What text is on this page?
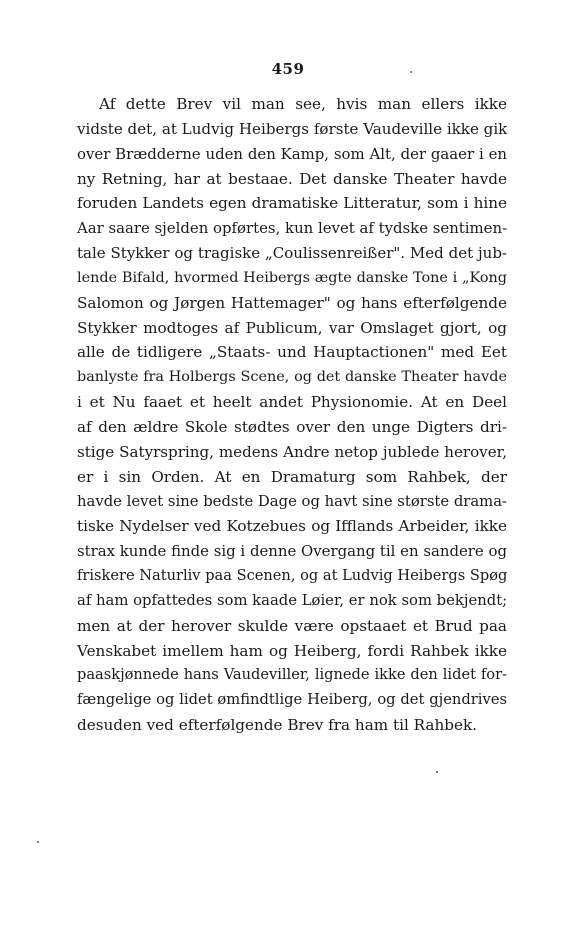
459
Af dette Brev vil man see, hvis man ellers ikke
vidste det, at Ludvig Heibergs første Vaudeville ikke gik
over Brædderne uden den Kamp, som Alt, der gaaer i en
ny Retning, har at bestaae. Det danske Theater havde
foruden Landets egen dramatiske Litteratur, som i hine
Aar saare sjelden opførtes, kun levet af tydske sentimen-
tale Stykker og tragiske „Coulissenreißer". Med det jub-
lende Bifald, hvormed Heibergs ægte danske Tone i „Kong
Salomon og Jørgen Hattemager" og hans efterfølgende
Stykker modtoges af Publicum, var Omslaget gjort, og
alle de tidligere „Staats- und Hauptactionen" med Eet
banlyste fra Holbergs Scene, og det danske Theater havde
i et Nu faaet et heelt andet Physionomie. At en Deel
af den ældre Skole stødtes over den unge Digters dri-
stige Satyrspring, medens Andre netop jublede herover,
er i sin Orden. At en Dramaturg som Rahbek, der
havde levet sine bedste Dage og havt sine største drama-
tiske Nydelser ved Kotzebues og Ifflands Arbeider, ikke
strax kunde finde sig i denne Overgang til en sandere og
friskere Naturliv paa Scenen, og at Ludvig Heibergs Spøg
af ham opfattedes som kaade Løier, er nok som bekjendt;
men at der herover skulde være opstaaet et Brud paa
Venskabet imellem ham og Heiberg, fordi Rahbek ikke
paaskjønnede hans Vaudeviller, lignede ikke den lidet for-
fængelige og lidet ømfindtlige Heiberg, og det gjendrives
desuden ved efterfølgende Brev fra ham til Rahbek.
